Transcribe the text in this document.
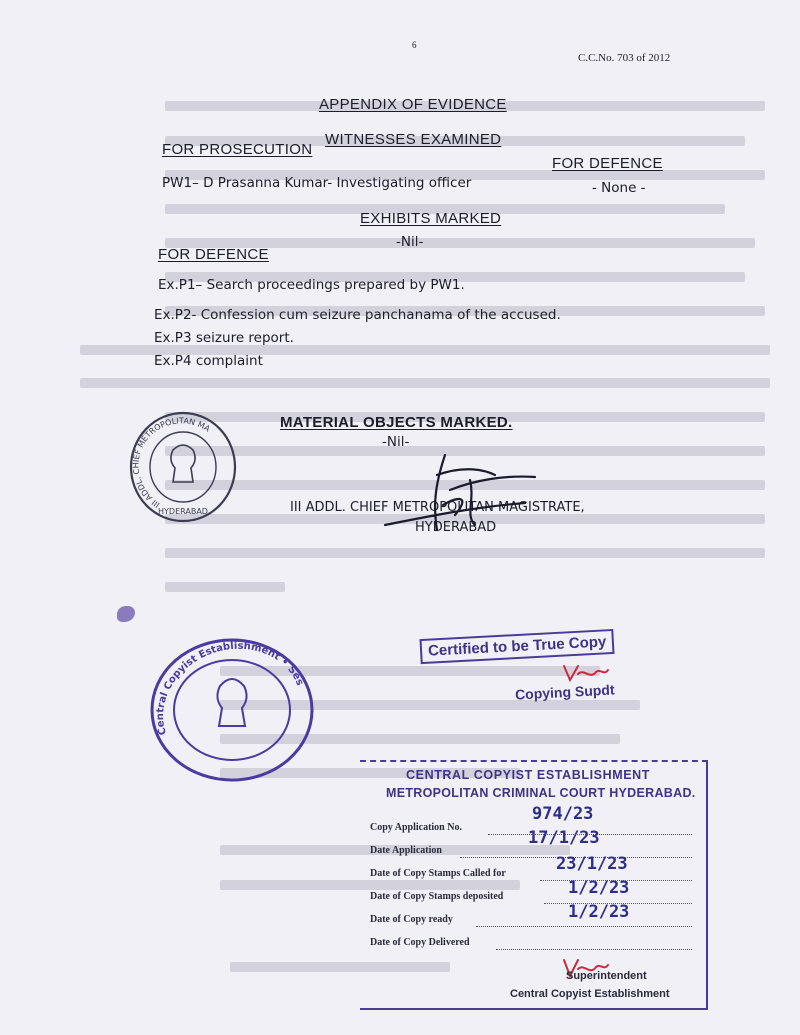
6
C.C.No. 703 of 2012
APPENDIX OF EVIDENCE
WITNESSES EXAMINED
FOR PROSECUTION
FOR DEFENCE
PW1– D Prasanna Kumar- Investigating officer	- None -
EXHIBITS MARKED
-Nil-
FOR DEFENCE
Ex.P1– Search proceedings prepared by PW1.
Ex.P2- Confession cum seizure panchanama of the accused.
Ex.P3 seizure report.
Ex.P4 complaint
MATERIAL OBJECTS MARKED.
-Nil-
III ADDL. CHIEF METROPOLITAN MAGISTRATE,
HYDERABAD
III ADDL. CHIEF METROPOLITAN MAGISTRATE
HYDERABAD
Central Copyist Establishment • Sessions
Certified to be True Copy
Copying Supdt
CENTRAL COPYIST ESTABLISHMENT
METROPOLITAN CRIMINAL COURT HYDERABAD.
Copy Application No.
974/23
Date Application
17/1/23
Date of Copy Stamps Called for	23/1/23
Date of Copy Stamps deposited	1/2/23
Date of Copy ready	1/2/23
Date of Copy Delivered
Superintendent
Central Copyist Establishment
